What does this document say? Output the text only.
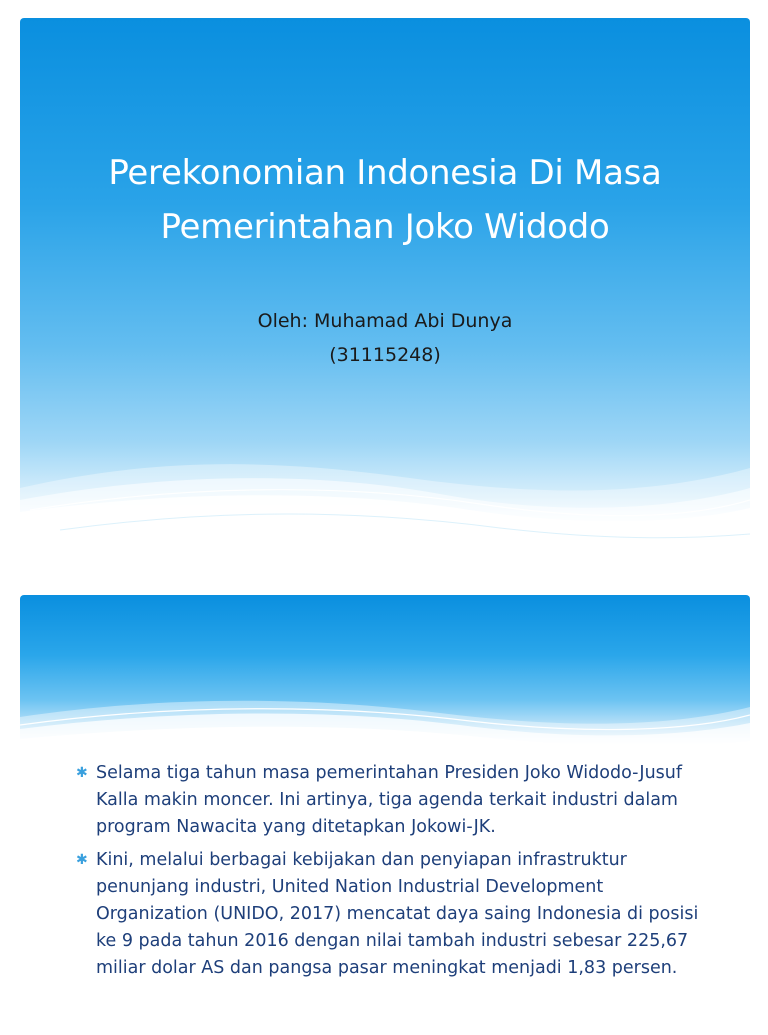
Perekonomian Indonesia Di Masa
Pemerintahan Joko Widodo
Oleh: Muhamad Abi Dunya
(31115248)
✱ Selama tiga tahun masa pemerintahan Presiden Joko Widodo-Jusuf Kalla makin moncer. Ini artinya, tiga agenda terkait industri dalam program Nawacita yang ditetapkan Jokowi-JK.
✱ Kini, melalui berbagai kebijakan dan penyiapan infrastruktur penunjang industri, United Nation Industrial Development Organization (UNIDO, 2017) mencatat daya saing Indonesia di posisi ke 9 pada tahun 2016 dengan nilai tambah industri sebesar 225,67 miliar dolar AS dan pangsa pasar meningkat menjadi 1,83 persen.
